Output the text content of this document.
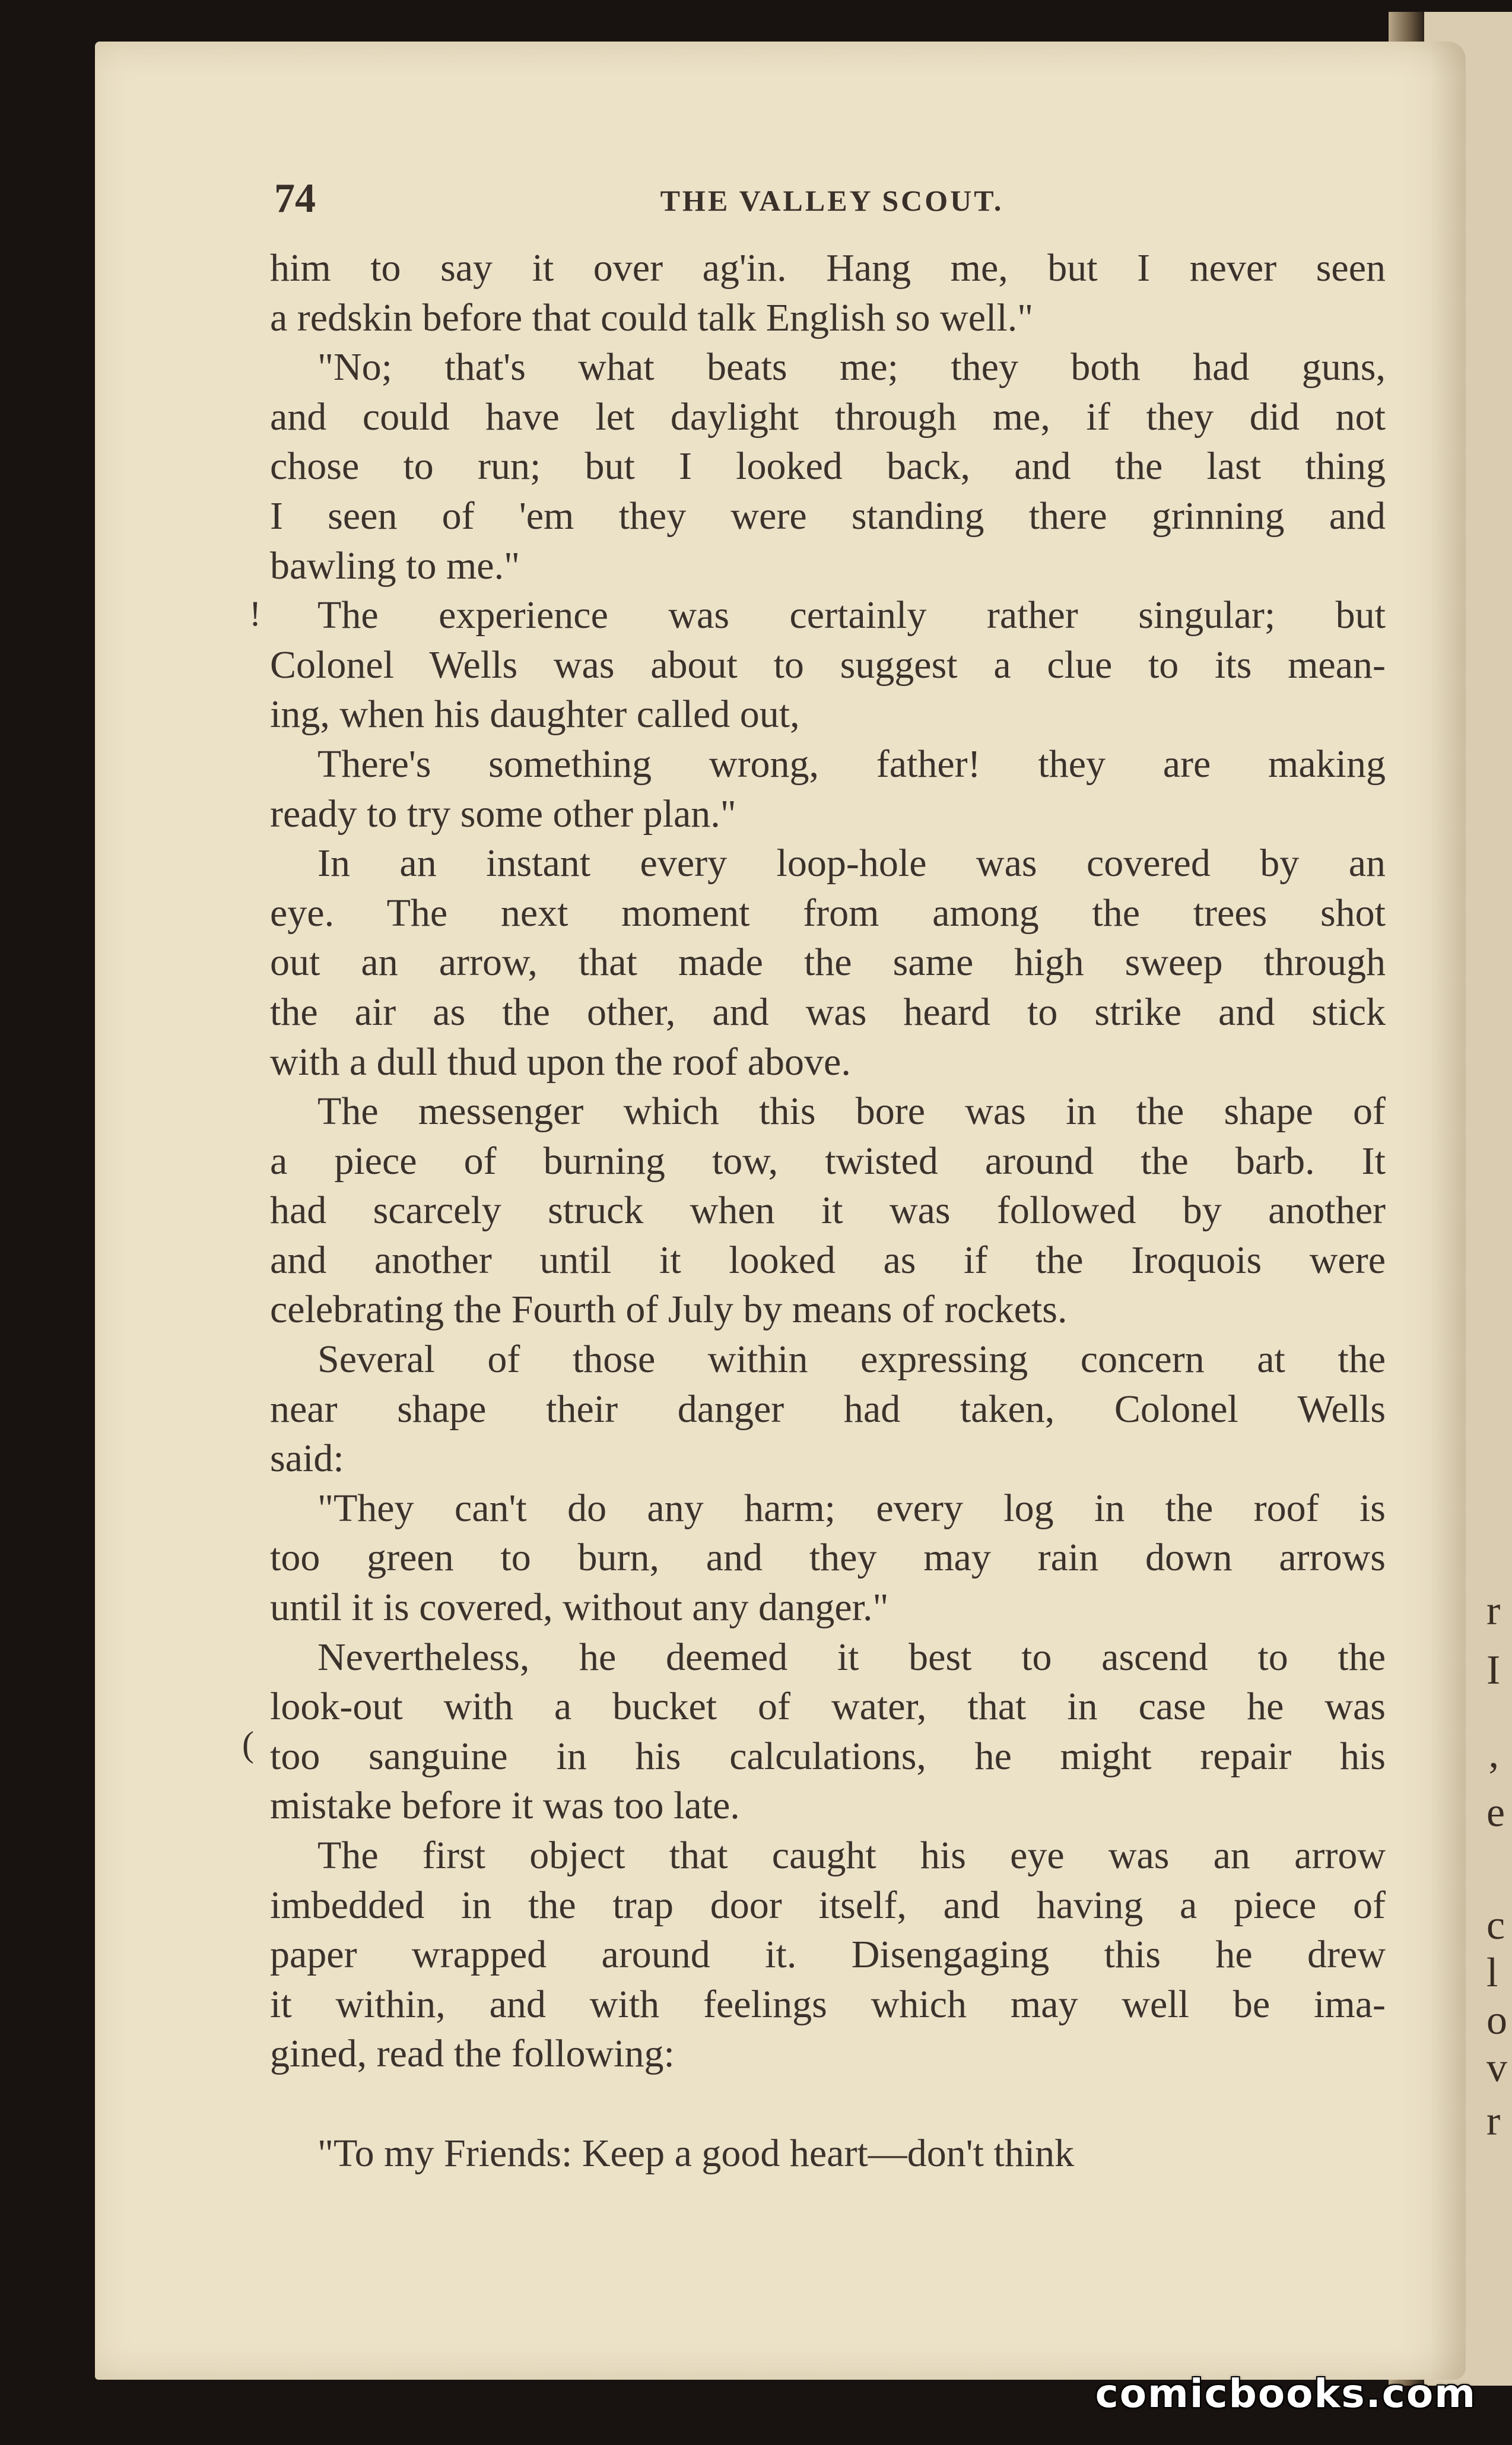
74	THE VALLEY SCOUT.
him to say it over ag'in. Hang me, but I never seen
a redskin before that could talk English so well."
"No; that's what beats me; they both had guns,
and could have let daylight through me, if they did not
chose to run; but I looked back, and the last thing
I seen of 'em they were standing there grinning and
bawling to me."
The experience was certainly rather singular; but
Colonel Wells was about to suggest a clue to its mean-
ing, when his daughter called out,
There's something wrong, father! they are making
ready to try some other plan."
In an instant every loop-hole was covered by an
eye. The next moment from among the trees shot
out an arrow, that made the same high sweep through
the air as the other, and was heard to strike and stick
with a dull thud upon the roof above.
The messenger which this bore was in the shape of
a piece of burning tow, twisted around the barb. It
had scarcely struck when it was followed by another
and another until it looked as if the Iroquois were
celebrating the Fourth of July by means of rockets.
Several of those within expressing concern at the
near shape their danger had taken, Colonel Wells
said:
"They can't do any harm; every log in the roof is
too green to burn, and they may rain down arrows
until it is covered, without any danger."
Nevertheless, he deemed it best to ascend to the
look-out with a bucket of water, that in case he was
too sanguine in his calculations, he might repair his
mistake before it was too late.
The first object that caught his eye was an arrow
imbedded in the trap door itself, and having a piece of
paper wrapped around it. Disengaging this he drew
it within, and with feelings which may well be ima-
gined, read the following:
"To my Friends: Keep a good heart—don't think
!
(
r
I
’
e
c
l
o
v
r
comicbooks.com
